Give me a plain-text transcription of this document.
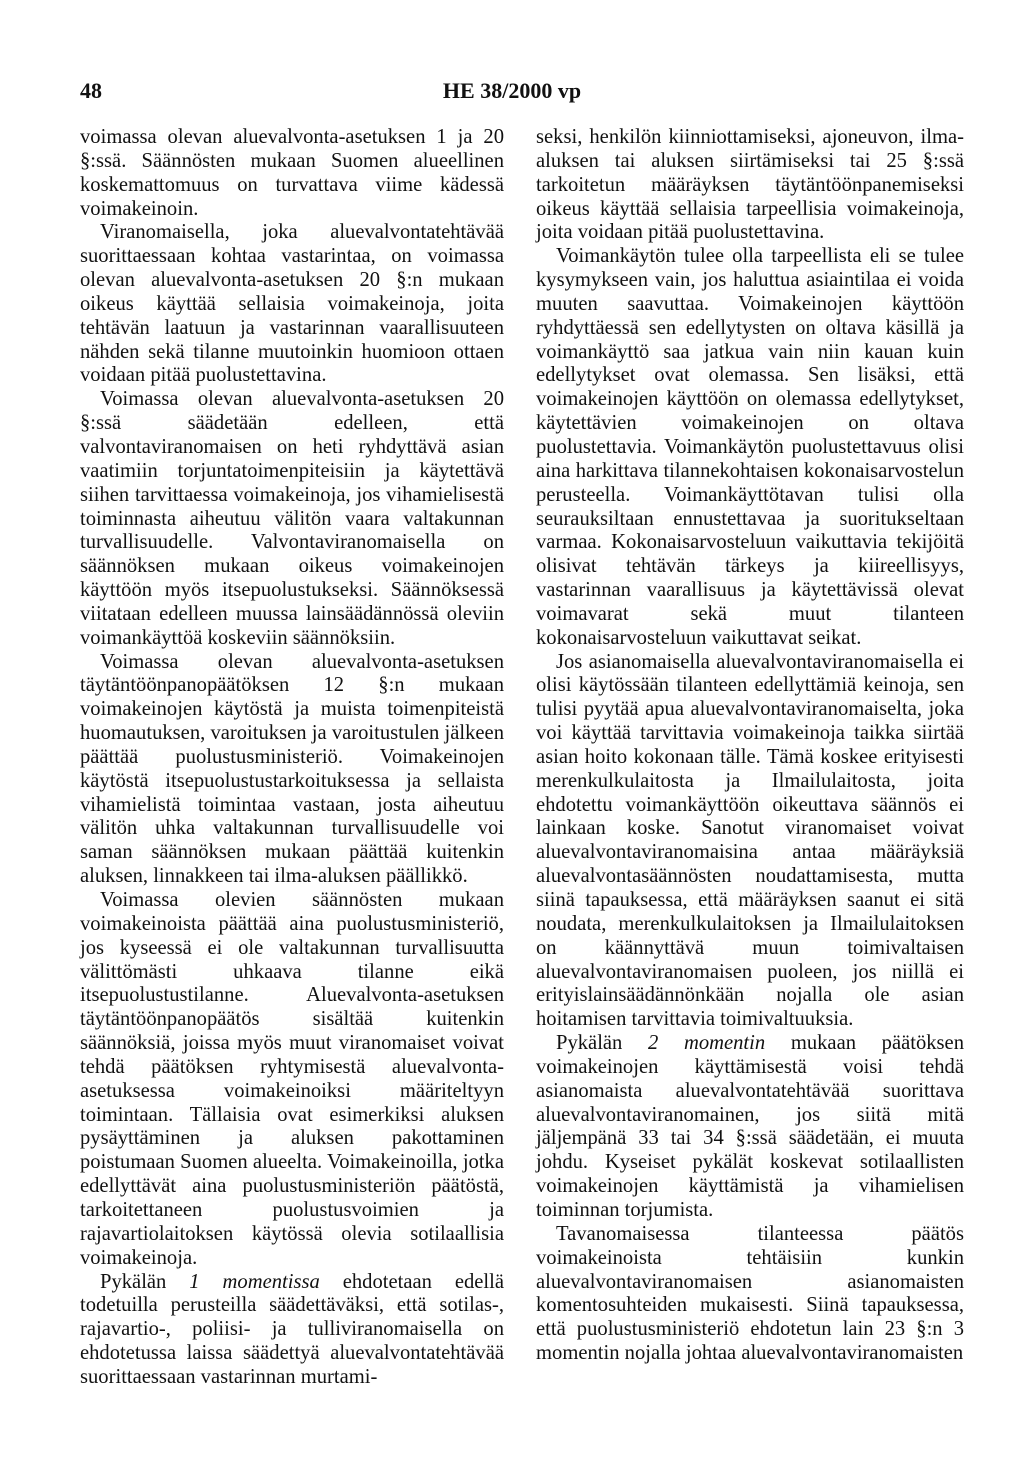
48	HE 38/2000 vp

voimassa olevan aluevalvonta-asetuksen 1 ja 20 §:ssä. Säännösten mukaan Suomen alueellinen koskemattomuus on turvattava viime kädessä voimakeinoin.

Viranomaisella, joka aluevalvontatehtävää suorittaessaan kohtaa vastarintaa, on voimassa olevan aluevalvonta-asetuksen 20 §:n mukaan oikeus käyttää sellaisia voimakeinoja, joita tehtävän laatuun ja vastarinnan vaarallisuuteen nähden sekä tilanne muutoinkin huomioon ottaen voidaan pitää puolustettavina.

Voimassa olevan aluevalvonta-asetuksen 20 §:ssä säädetään edelleen, että valvontaviranomaisen on heti ryhdyttävä asian vaatimiin torjuntatoimenpiteisiin ja käytettävä siihen tarvittaessa voimakeinoja, jos vihamielisestä toiminnasta aiheutuu välitön vaara valtakunnan turvallisuudelle. Valvontaviranomaisella on säännöksen mukaan oikeus voimakeinojen käyttöön myös itsepuolustukseksi. Säännöksessä viitataan edelleen muussa lainsäädännössä oleviin voimankäyttöä koskeviin säännöksiin.

Voimassa olevan aluevalvonta-asetuksen täytäntöönpanopäätöksen 12 §:n mukaan voimakeinojen käytöstä ja muista toimenpiteistä huomautuksen, varoituksen ja varoitustulen jälkeen päättää puolustusministeriö. Voimakeinojen käytöstä itsepuolustustarkoituksessa ja sellaista vihamielistä toimintaa vastaan, josta aiheutuu välitön uhka valtakunnan turvallisuudelle voi saman säännöksen mukaan päättää kuitenkin aluksen, linnakkeen tai ilma-aluksen päällikkö.

Voimassa olevien säännösten mukaan voimakeinoista päättää aina puolustusministeriö, jos kyseessä ei ole valtakunnan turvallisuutta välittömästi uhkaava tilanne eikä itsepuolustustilanne. Aluevalvonta-asetuksen täytäntöönpanopäätös sisältää kuitenkin säännöksiä, joissa myös muut viranomaiset voivat tehdä päätöksen ryhtymisestä aluevalvonta-asetuksessa voimakeinoiksi määriteltyyn toimintaan. Tällaisia ovat esimerkiksi aluksen pysäyttäminen ja aluksen pakottaminen poistumaan Suomen alueelta. Voimakeinoilla, jotka edellyttävät aina puolustusministeriön päätöstä, tarkoitettaneen puolustusvoimien ja rajavartiolaitoksen käytössä olevia sotilaallisia voimakeinoja.

Pykälän 1 momentissa ehdotetaan edellä todetuilla perusteilla säädettäväksi, että sotilas-, rajavartio-, poliisi- ja tulliviranomaisella on ehdotetussa laissa säädettyä aluevalvontatehtävää suorittaessaan vastarinnan murtami-

seksi, henkilön kiinniottamiseksi, ajoneuvon, ilma-aluksen tai aluksen siirtämiseksi tai 25 §:ssä tarkoitetun määräyksen täytäntöönpanemiseksi oikeus käyttää sellaisia tarpeellisia voimakeinoja, joita voidaan pitää puolustettavina.

Voimankäytön tulee olla tarpeellista eli se tulee kysymykseen vain, jos haluttua asiaintilaa ei voida muuten saavuttaa. Voimakeinojen käyttöön ryhdyttäessä sen edellytysten on oltava käsillä ja voimankäyttö saa jatkua vain niin kauan kuin edellytykset ovat olemassa. Sen lisäksi, että voimakeinojen käyttöön on olemassa edellytykset, käytettävien voimakeinojen on oltava puolustettavia. Voimankäytön puolustettavuus olisi aina harkittava tilannekohtaisen kokonaisarvostelun perusteella. Voimankäyttötavan tulisi olla seurauksiltaan ennustettavaa ja suoritukseltaan varmaa. Kokonaisarvosteluun vaikuttavia tekijöitä olisivat tehtävän tärkeys ja kiireellisyys, vastarinnan vaarallisuus ja käytettävissä olevat voimavarat sekä muut tilanteen kokonaisarvosteluun vaikuttavat seikat.

Jos asianomaisella aluevalvontaviranomaisella ei olisi käytössään tilanteen edellyttämiä keinoja, sen tulisi pyytää apua aluevalvontaviranomaiselta, joka voi käyttää tarvittavia voimakeinoja taikka siirtää asian hoito kokonaan tälle. Tämä koskee erityisesti merenkulkulaitosta ja Ilmailulaitosta, joita ehdotettu voimankäyttöön oikeuttava säännös ei lainkaan koske. Sanotut viranomaiset voivat aluevalvontaviranomaisina antaa määräyksiä aluevalvontasäännösten noudattamisesta, mutta siinä tapauksessa, että määräyksen saanut ei sitä noudata, merenkulkulaitoksen ja Ilmailulaitoksen on käännyttävä muun toimivaltaisen aluevalvontaviranomaisen puoleen, jos niillä ei erityislainsäädännönkään nojalla ole asian hoitamisen tarvittavia toimivaltuuksia.

Pykälän 2 momentin mukaan päätöksen voimakeinojen käyttämisestä voisi tehdä asianomaista aluevalvontatehtävää suorittava aluevalvontaviranomainen, jos siitä mitä jäljempänä 33 tai 34 §:ssä säädetään, ei muuta johdu. Kyseiset pykälät koskevat sotilaallisten voimakeinojen käyttämistä ja vihamielisen toiminnan torjumista.

Tavanomaisessa tilanteessa päätös voimakeinoista tehtäisiin kunkin aluevalvontaviranomaisen asianomaisten komentosuhteiden mukaisesti. Siinä tapauksessa, että puolustusministeriö ehdotetun lain 23 §:n 3 momentin nojalla johtaa aluevalvontaviranomaisten
